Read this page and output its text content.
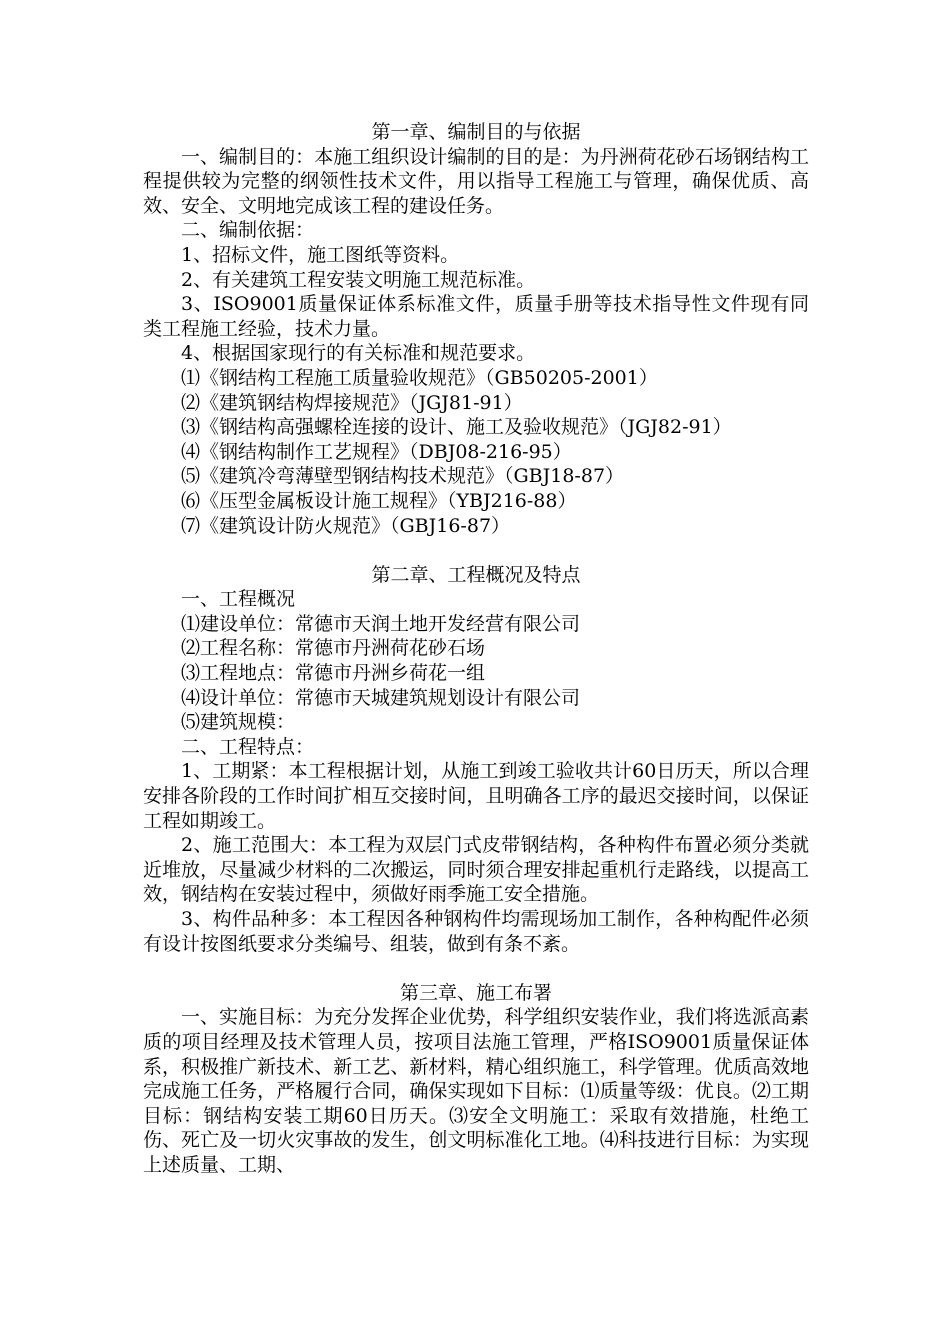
第一章、编制目的与依据

一、编制目的：本施工组织设计编制的目的是：为丹洲荷花砂石场钢结构工程提供较为完整的纲领性技术文件，用以指导工程施工与管理，确保优质、高效、安全、文明地完成该工程的建设任务。

二、编制依据：

1、招标文件，施工图纸等资料。

2、有关建筑工程安装文明施工规范标准。

3、ISO9001质量保证体系标准文件，质量手册等技术指导性文件现有同类工程施工经验，技术力量。

4、根据国家现行的有关标准和规范要求。

⑴《钢结构工程施工质量验收规范》（GB50205-2001）

⑵《建筑钢结构焊接规范》（JGJ81-91）

⑶《钢结构高强螺栓连接的设计、施工及验收规范》（JGJ82-91）

⑷《钢结构制作工艺规程》（DBJ08-216-95）

⑸《建筑冷弯薄壁型钢结构技术规范》（GBJ18-87）

⑹《压型金属板设计施工规程》（YBJ216-88）

⑺《建筑设计防火规范》（GBJ16-87）

第二章、工程概况及特点

一、工程概况

⑴建设单位：常德市天润土地开发经营有限公司

⑵工程名称：常德市丹洲荷花砂石场

⑶工程地点：常德市丹洲乡荷花一组

⑷设计单位：常德市天城建筑规划设计有限公司

⑸建筑规模：

二、工程特点：

1、工期紧：本工程根据计划，从施工到竣工验收共计60日历天，所以合理安排各阶段的工作时间扩相互交接时间，且明确各工序的最迟交接时间，以保证工程如期竣工。

2、施工范围大：本工程为双层门式皮带钢结构，各种构件布置必须分类就近堆放，尽量减少材料的二次搬运，同时须合理安排起重机行走路线，以提高工效，钢结构在安装过程中，须做好雨季施工安全措施。

3、构件品种多：本工程因各种钢构件均需现场加工制作，各种构配件必须有设计按图纸要求分类编号、组装，做到有条不紊。

第三章、施工布署

一、实施目标：为充分发挥企业优势，科学组织安装作业，我们将选派高素质的项目经理及技术管理人员，按项目法施工管理，严格ISO9001质量保证体系，积极推广新技术、新工艺、新材料，精心组织施工，科学管理。优质高效地完成施工任务，严格履行合同，确保实现如下目标：⑴质量等级：优良。⑵工期目标：钢结构安装工期60日历天。⑶安全文明施工：采取有效措施，杜绝工伤、死亡及一切火灾事故的发生，创文明标准化工地。⑷科技进行目标：为实现上述质量、工期、
